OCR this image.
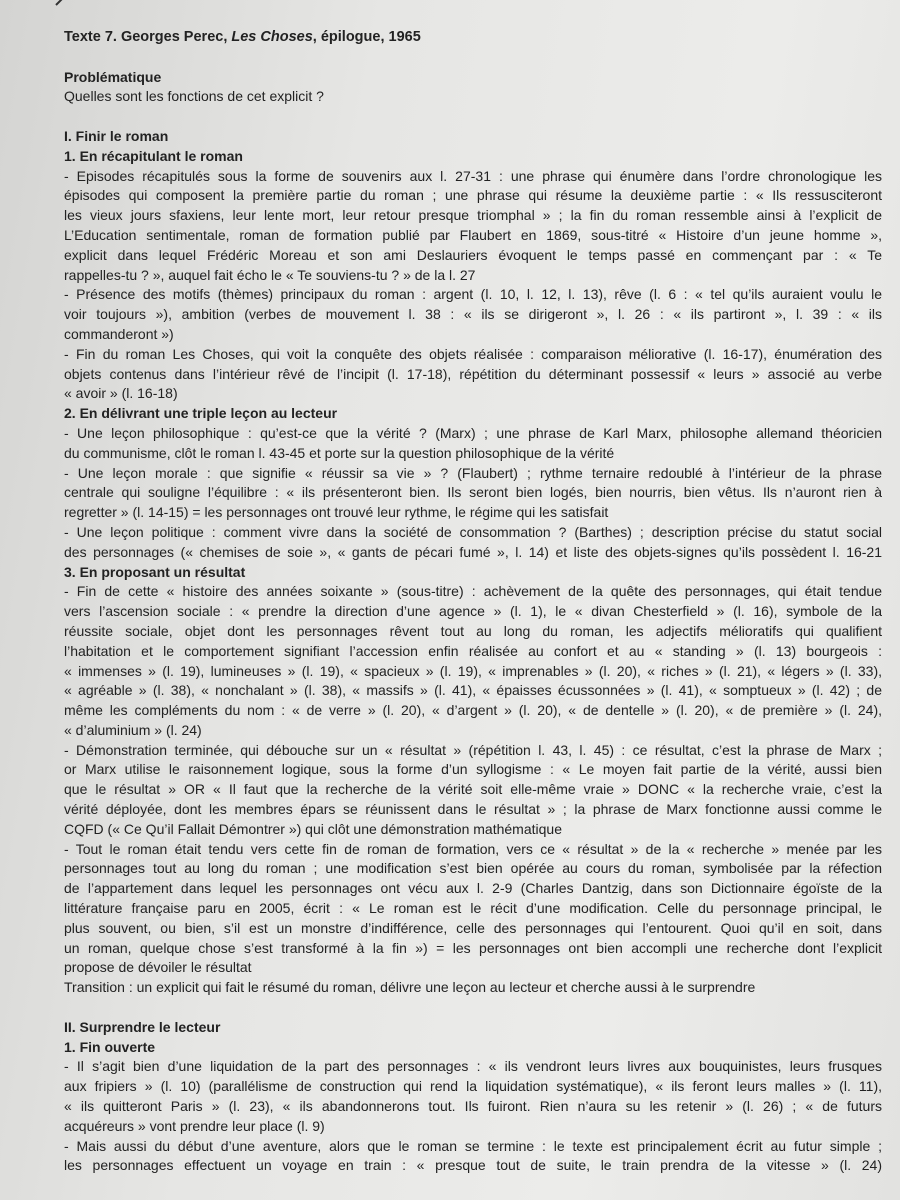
Texte 7. Georges Perec, Les Choses, épilogue, 1965
Problématique
Quelles sont les fonctions de cet explicit ?
I. Finir le roman
1. En récapitulant le roman
- Episodes récapitulés sous la forme de souvenirs aux l. 27-31 : une phrase qui énumère dans l’ordre chronologique les
épisodes qui composent la première partie du roman ; une phrase qui résume la deuxième partie : « Ils ressusciteront
les vieux jours sfaxiens, leur lente mort, leur retour presque triomphal » ; la fin du roman ressemble ainsi à l’explicit de
L’Education sentimentale, roman de formation publié par Flaubert en 1869, sous-titré « Histoire d’un jeune homme »,
explicit dans lequel Frédéric Moreau et son ami Deslauriers évoquent le temps passé en commençant par : « Te
rappelles-tu ? », auquel fait écho le « Te souviens-tu ? » de la l. 27
- Présence des motifs (thèmes) principaux du roman : argent (l. 10, l. 12, l. 13), rêve (l. 6 : « tel qu’ils auraient voulu le
voir toujours »), ambition (verbes de mouvement l. 38 : « ils se dirigeront », l. 26 : « ils partiront », l. 39 : « ils
commanderont »)
- Fin du roman Les Choses, qui voit la conquête des objets réalisée : comparaison méliorative (l. 16-17), énumération des
objets contenus dans l’intérieur rêvé de l’incipit (l. 17-18), répétition du déterminant possessif « leurs » associé au verbe
« avoir » (l. 16-18)
2. En délivrant une triple leçon au lecteur
- Une leçon philosophique : qu’est-ce que la vérité ? (Marx) ; une phrase de Karl Marx, philosophe allemand théoricien
du communisme, clôt le roman l. 43-45 et porte sur la question philosophique de la vérité
- Une leçon morale : que signifie « réussir sa vie » ? (Flaubert) ; rythme ternaire redoublé à l’intérieur de la phrase
centrale qui souligne l’équilibre : « ils présenteront bien. Ils seront bien logés, bien nourris, bien vêtus. Ils n’auront rien à
regretter » (l. 14-15) = les personnages ont trouvé leur rythme, le régime qui les satisfait
- Une leçon politique : comment vivre dans la société de consommation ? (Barthes) ; description précise du statut social
des personnages (« chemises de soie », « gants de pécari fumé », l. 14) et liste des objets-signes qu’ils possèdent l. 16-21
3. En proposant un résultat
- Fin de cette « histoire des années soixante » (sous-titre) : achèvement de la quête des personnages, qui était tendue
vers l’ascension sociale : « prendre la direction d’une agence » (l. 1), le « divan Chesterfield » (l. 16), symbole de la
réussite sociale, objet dont les personnages rêvent tout au long du roman, les adjectifs mélioratifs qui qualifient
l’habitation et le comportement signifiant l’accession enfin réalisée au confort et au « standing » (l. 13) bourgeois :
« immenses » (l. 19), lumineuses » (l. 19), « spacieux » (l. 19), « imprenables » (l. 20), « riches » (l. 21), « légers » (l. 33),
« agréable » (l. 38), « nonchalant » (l. 38), « massifs » (l. 41), « épaisses écussonnées » (l. 41), « somptueux » (l. 42) ; de
même les compléments du nom : « de verre » (l. 20), « d’argent » (l. 20), « de dentelle » (l. 20), « de première » (l. 24),
« d’aluminium » (l. 24)
- Démonstration terminée, qui débouche sur un « résultat » (répétition l. 43, l. 45) : ce résultat, c’est la phrase de Marx ;
or Marx utilise le raisonnement logique, sous la forme d’un syllogisme : « Le moyen fait partie de la vérité, aussi bien
que le résultat » OR « Il faut que la recherche de la vérité soit elle-même vraie » DONC « la recherche vraie, c’est la
vérité déployée, dont les membres épars se réunissent dans le résultat » ; la phrase de Marx fonctionne aussi comme le
CQFD (« Ce Qu’il Fallait Démontrer ») qui clôt une démonstration mathématique
- Tout le roman était tendu vers cette fin de roman de formation, vers ce « résultat » de la « recherche » menée par les
personnages tout au long du roman ; une modification s’est bien opérée au cours du roman, symbolisée par la réfection
de l’appartement dans lequel les personnages ont vécu aux l. 2-9 (Charles Dantzig, dans son Dictionnaire égoïste de la
littérature française paru en 2005, écrit : « Le roman est le récit d’une modification. Celle du personnage principal, le
plus souvent, ou bien, s’il est un monstre d’indifférence, celle des personnages qui l’entourent. Quoi qu’il en soit, dans
un roman, quelque chose s’est transformé à la fin ») = les personnages ont bien accompli une recherche dont l’explicit
propose de dévoiler le résultat
Transition : un explicit qui fait le résumé du roman, délivre une leçon au lecteur et cherche aussi à le surprendre
II. Surprendre le lecteur
1. Fin ouverte
- Il s’agit bien d’une liquidation de la part des personnages : « ils vendront leurs livres aux bouquinistes, leurs frusques
aux fripiers » (l. 10) (parallélisme de construction qui rend la liquidation systématique), « ils feront leurs malles » (l. 11),
« ils quitteront Paris » (l. 23), « ils abandonnerons tout. Ils fuiront. Rien n’aura su les retenir » (l. 26) ; « de futurs
acquéreurs » vont prendre leur place (l. 9)
- Mais aussi du début d’une aventure, alors que le roman se termine : le texte est principalement écrit au futur simple ;
les personnages effectuent un voyage en train : « presque tout de suite, le train prendra de la vitesse » (l. 24)
